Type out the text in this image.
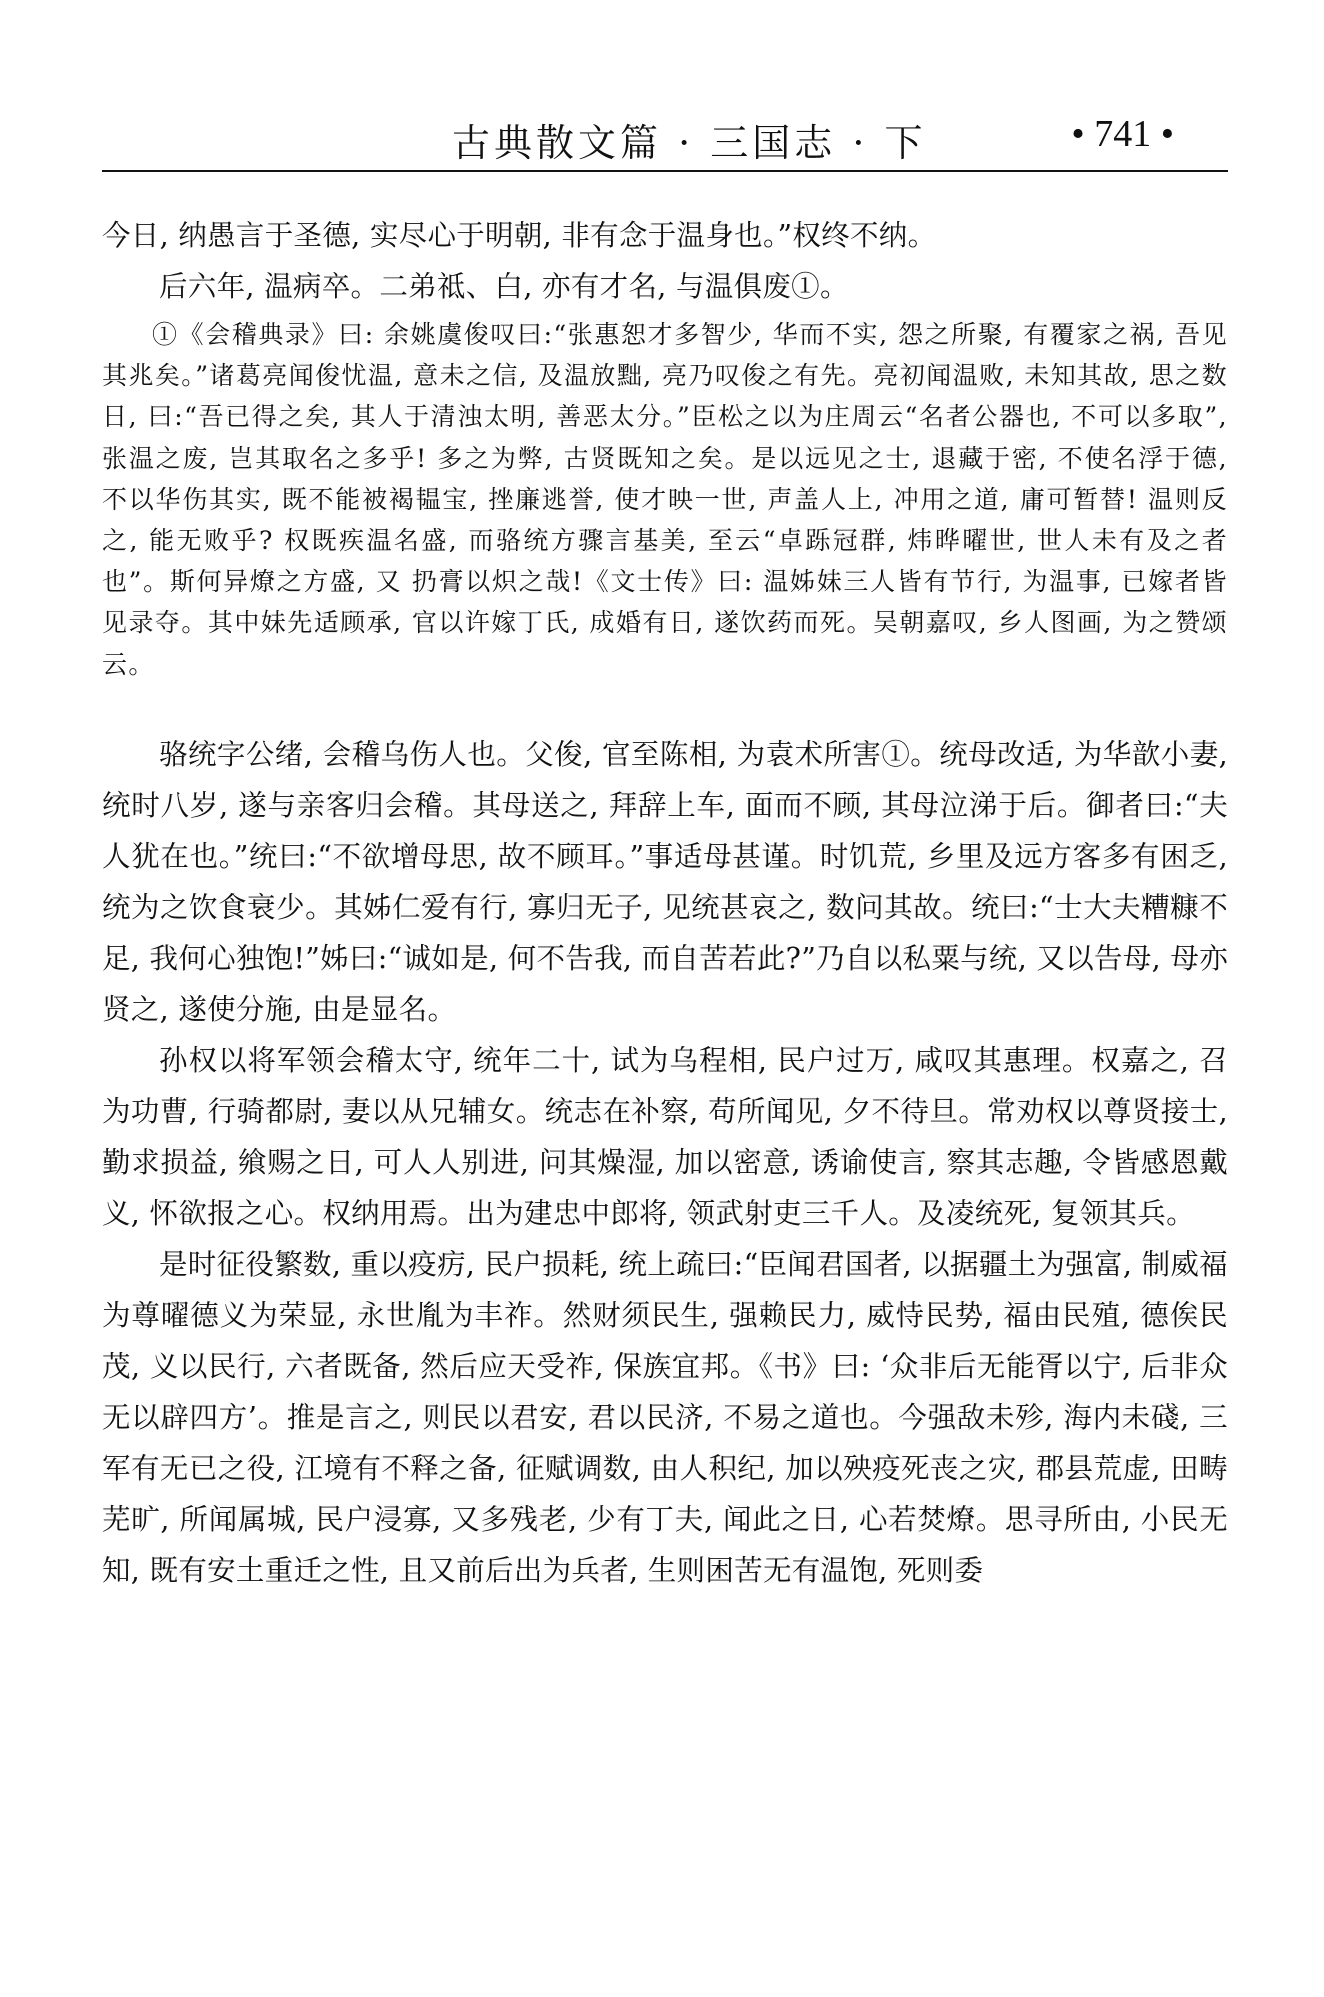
古典散文篇 · 三国志 · 下	• 741 •

今日, 纳愚言于圣德, 实尽心于明朝, 非有念于温身也。”权终不纳。

后六年, 温病卒。二弟祗、白, 亦有才名, 与温俱废①。

①《会稽典录》曰: 余姚虞俊叹曰:“张惠恕才多智少, 华而不实, 怨之所聚, 有覆家之祸, 吾见其兆矣。”诸葛亮闻俊忧温, 意未之信, 及温放黜, 亮乃叹俊之有先。亮初闻温败, 未知其故, 思之数日, 曰:“吾已得之矣, 其人于清浊太明, 善恶太分。”臣松之以为庄周云“名者公器也, 不可以多取”, 张温之废, 岂其取名之多乎! 多之为弊, 古贤既知之矣。是以远见之士, 退藏于密, 不使名浮于德, 不以华伤其实, 既不能被褐韫宝, 挫廉逃誉, 使才映一世, 声盖人上, 冲用之道, 庸可暂替! 温则反之, 能无败乎? 权既疾温名盛, 而骆统方骤言基美, 至云“卓跞冠群, 炜晔曜世, 世人未有及之者也”。斯何异燎之方盛, 又 扔膏以炽之哉!《文士传》曰: 温姊妹三人皆有节行, 为温事, 已嫁者皆见录夺。其中妹先适顾承, 官以许嫁丁氏, 成婚有日, 遂饮药而死。吴朝嘉叹, 乡人图画, 为之赞颂云。

骆统字公绪, 会稽乌伤人也。父俊, 官至陈相, 为袁术所害①。统母改适, 为华歆小妻, 统时八岁, 遂与亲客归会稽。其母送之, 拜辞上车, 面而不顾, 其母泣涕于后。御者曰:“夫人犹在也。”统曰:“不欲增母思, 故不顾耳。”事适母甚谨。时饥荒, 乡里及远方客多有困乏, 统为之饮食衰少。其姊仁爱有行, 寡归无子, 见统甚哀之, 数问其故。统曰:“士大夫糟糠不足, 我何心独饱!”姊曰:“诚如是, 何不告我, 而自苦若此?”乃自以私粟与统, 又以告母, 母亦贤之, 遂使分施, 由是显名。

孙权以将军领会稽太守, 统年二十, 试为乌程相, 民户过万, 咸叹其惠理。权嘉之, 召为功曹, 行骑都尉, 妻以从兄辅女。统志在补察, 苟所闻见, 夕不待旦。常劝权以尊贤接士, 勤求损益, 飨赐之日, 可人人别进, 问其燥湿, 加以密意, 诱谕使言, 察其志趣, 令皆感恩戴义, 怀欲报之心。权纳用焉。出为建忠中郎将, 领武射吏三千人。及凌统死, 复领其兵。

是时征役繁数, 重以疫疠, 民户损耗, 统上疏曰:“臣闻君国者, 以据疆土为强富, 制威福为尊曜德义为荣显, 永世胤为丰祚。然财须民生, 强赖民力, 威恃民势, 福由民殖, 德俟民茂, 义以民行, 六者既备, 然后应天受祚, 保族宜邦。《书》曰: ‘众非后无能胥以宁, 后非众无以辟四方’。推是言之, 则民以君安, 君以民济, 不易之道也。今强敌未殄, 海内未碊, 三军有无已之役, 江境有不释之备, 征赋调数, 由人积纪, 加以殃疫死丧之灾, 郡县荒虚, 田畴芜旷, 所闻属城, 民户浸寡, 又多残老, 少有丁夫, 闻此之日, 心若焚燎。思寻所由, 小民无知, 既有安土重迁之性, 且又前后出为兵者, 生则困苦无有温饱, 死则委
